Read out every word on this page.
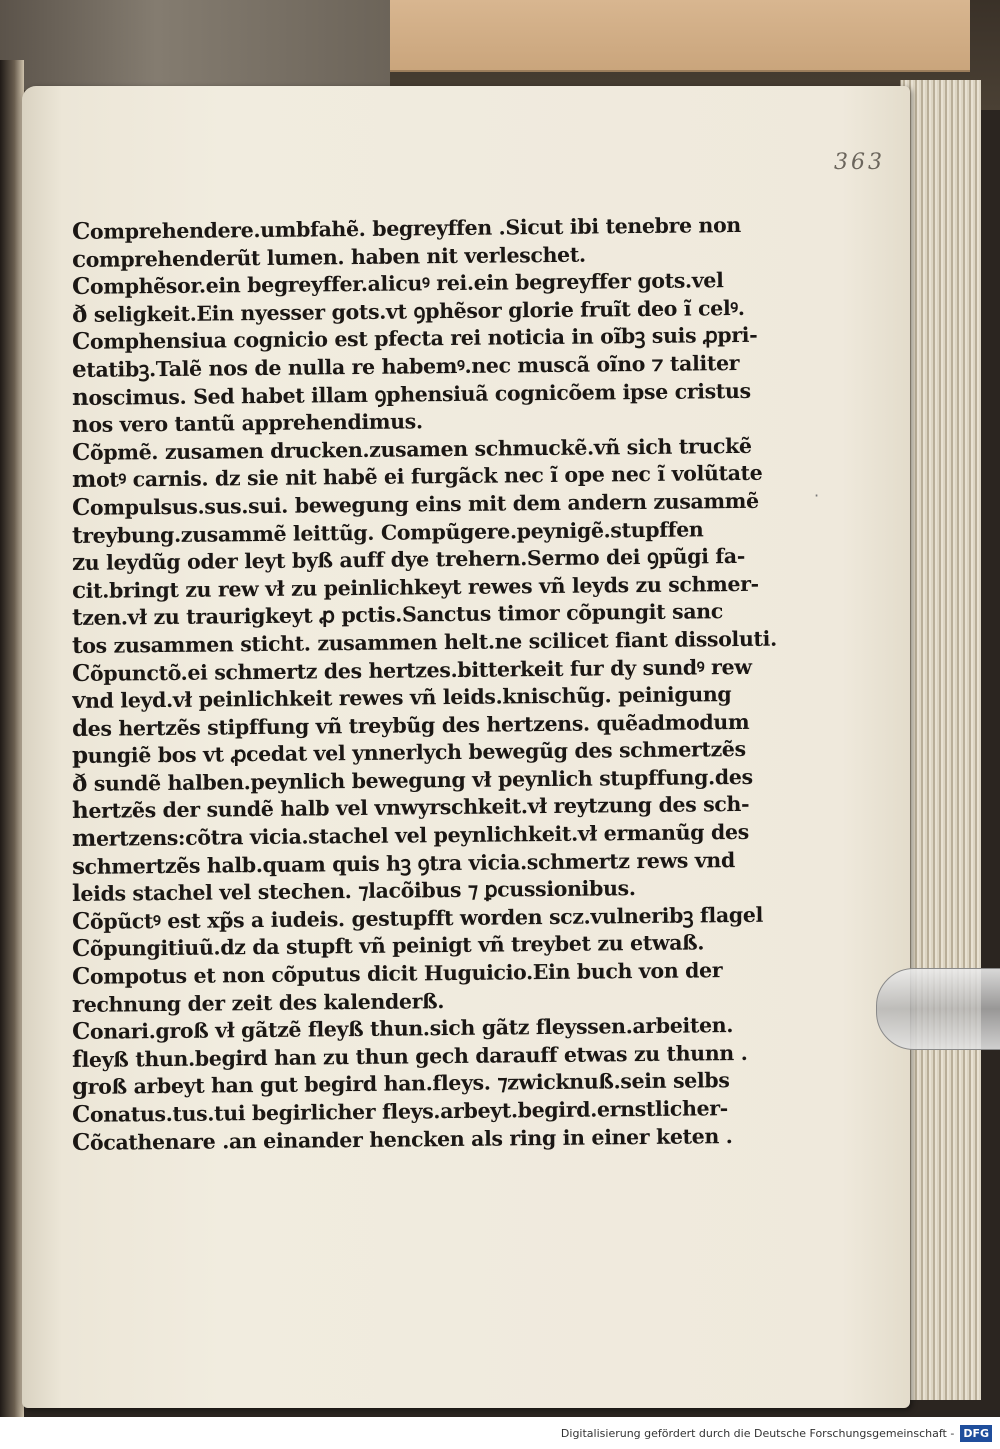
363
·
Comprehendere.umbfahẽ. begreyffen .Sicut ibi tenebre non
comprehenderũt lumen. haben nit verleschet.
Comphẽsor.ein begreyffer.alicuꝰ rei.ein begreyffer gots.vel
ð seligkeit.Ein nyesser gots.vt ꝯphẽsor glorie fruĩt deo ĩ celꝰ.
Comphensiua cognicio est pfecta rei noticia in oĩbꝫ suis ꝓpri-
etatibꝫ.Talẽ nos de nulla re habemꝰ.nec muscã oĩno ⁊ taliter
noscimus. Sed habet illam ꝯphensiuã cognicõem ipse cristus
nos vero tantũ apprehendimus.
Cõpmẽ. zusamen drucken.zusamen schmuckẽ.vñ sich truckẽ
motꝰ carnis. dz sie nit habẽ ei furgãck nec ĩ ope nec ĩ volũtate
Compulsus.sus.sui. bewegung eins mit dem andern zusammẽ
treybung.zusammẽ leittũg. Compũgere.peynigẽ.stupffen
zu leydũg oder leyt byß auff dye trehern.Sermo dei ꝯpũgi fa-
cit.bringt zu rew vł zu peinlichkeyt rewes vñ leyds zu schmer-
tzen.vł zu traurigkeyt ꝓ pctis.Sanctus timor cõpungit sanc
tos zusammen sticht. zusammen helt.ne scilicet fiant dissoluti.
Cõpunctõ.ei schmertz des hertzes.bitterkeit fur dy sundꝰ rew
vnd leyd.vł peinlichkeit rewes vñ leids.knischũg. peinigung
des hertzẽs stipffung vñ treybũg des hertzens. quẽadmodum
pungiẽ bos vt ꝓcedat vel ynnerlych bewegũg des schmertzẽs
ð sundẽ halben.peynlich bewegung vł peynlich stupffung.des
hertzẽs der sundẽ halb vel vnwyrschkeit.vł reytzung des sch-
mertzens:cõtra vicia.stachel vel peynlichkeit.vł ermanũg des
schmertzẽs halb.quam quis hꝫ ꝯtra vicia.schmertz rews vnd
leids stachel vel stechen. ⁊lacõibus ⁊ ꝑcussionibus.
Cõpũctꝰ est xp̃s a iudeis. gestupfft worden scz.vulneribꝫ flagel
Cõpungitiuũ.dz da stupft vñ peinigt vñ treybet zu etwaß.
Compotus et non cõputus dicit Huguicio.Ein buch von der
rechnung der zeit des kalenderß.
Conari.groß vł gãtzẽ fleyß thun.sich gãtz fleyssen.arbeiten.
fleyß thun.begird han zu thun gech darauff etwas zu thunn .
groß arbeyt han gut begird han.fleys. ⁊zwicknuß.sein selbs
Conatus.tus.tui begirlicher fleys.arbeyt.begird.ernstlicher-
Cõcathenare .an einander hencken als ring in einer keten .
Digitalisierung gefördert durch die Deutsche Forschungsgemeinschaft - DFG
